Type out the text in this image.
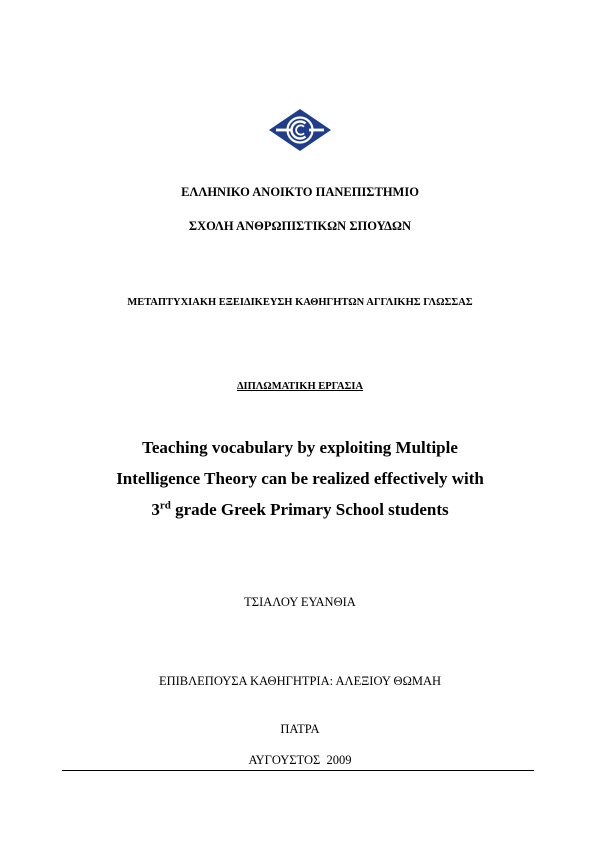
ΕΛΛΗΝΙΚΟ ΑΝΟΙΚΤΟ ΠΑΝΕΠΙΣΤΗΜΙΟ
ΣΧΟΛΗ ΑΝΘΡΩΠΙΣΤΙΚΩΝ ΣΠΟΥΔΩΝ
ΜΕΤΑΠΤΥΧΙΑΚΗ ΕΞΕΙΔΙΚΕΥΣΗ ΚΑΘΗΓΗΤΩΝ ΑΓΓΛΙΚΗΣ ΓΛΩΣΣΑΣ
ΔΙΠΛΩΜΑΤΙΚΗ ΕΡΓΑΣΙΑ
Teaching vocabulary by exploiting Multiple
Intelligence Theory can be realized effectively with
3rd grade Greek Primary School students
ΤΣΙΑΛΟΥ ΕΥΑΝΘΙΑ
ΕΠΙΒΛΕΠΟΥΣΑ ΚΑΘΗΓΗΤΡΙΑ: ΑΛΕΞΙΟΥ ΘΩΜΑΗ
ΠΑΤΡΑ
ΑΥΓΟΥΣΤΟΣ  2009
